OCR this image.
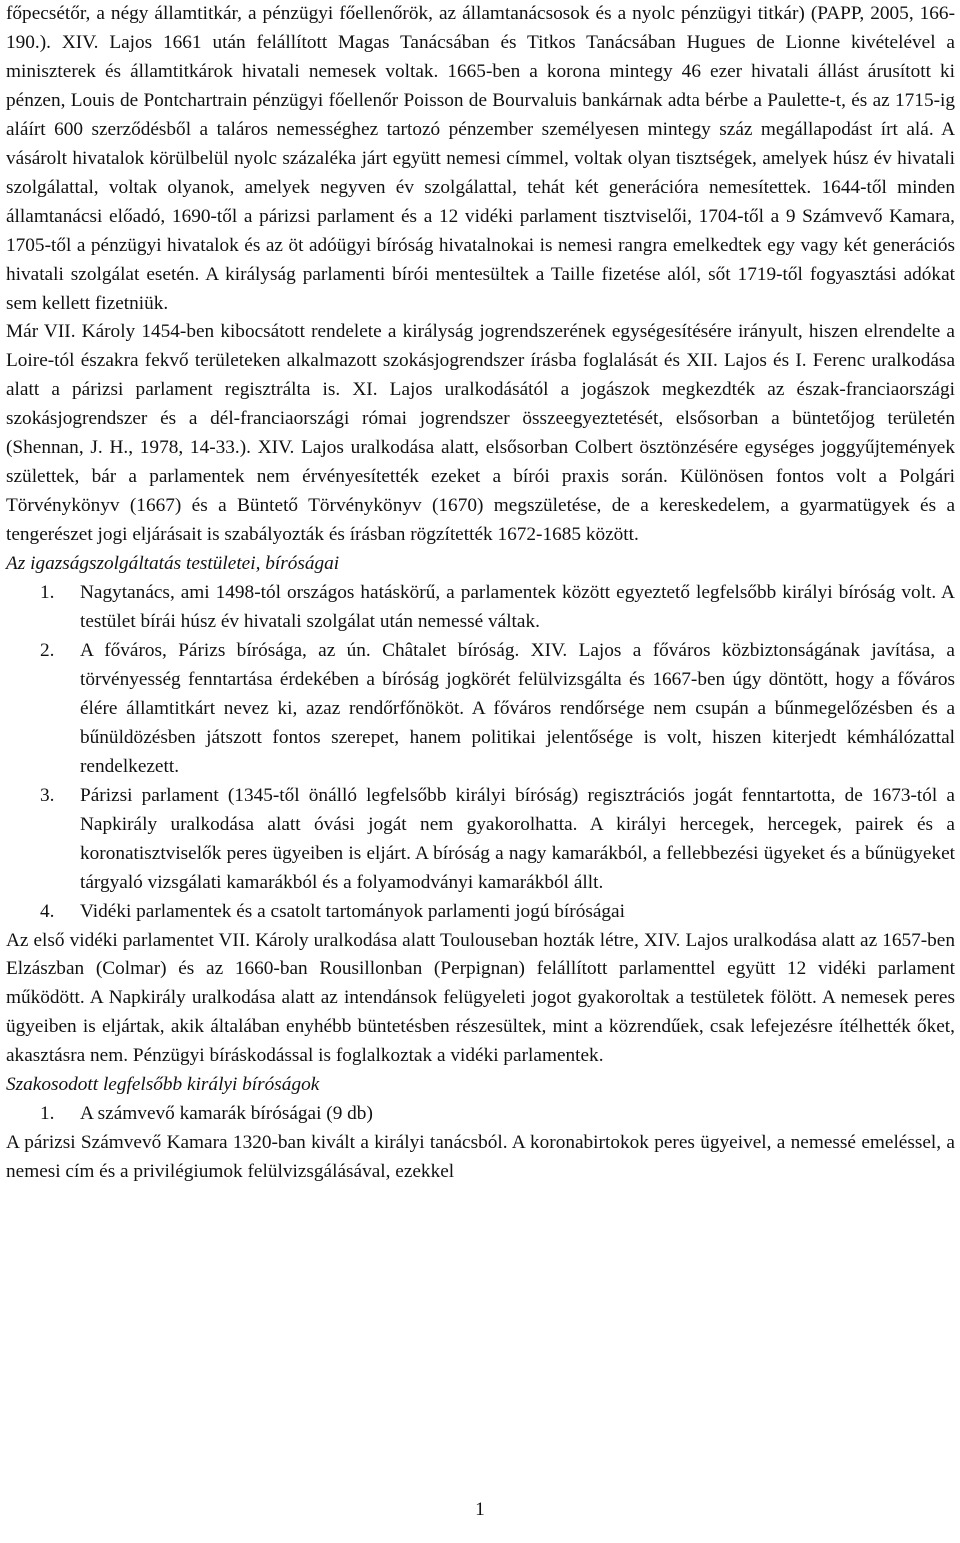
főpecsétőr, a négy államtitkár, a pénzügyi főellenőrök, az államtanácsosok és a nyolc pénzügyi titkár) (PAPP, 2005, 166-190.). XIV. Lajos 1661 után felállított Magas Tanácsában és Titkos Tanácsában Hugues de Lionne kivételével a miniszterek és államtitkárok hivatali nemesek voltak. 1665-ben a korona mintegy 46 ezer hivatali állást árusított ki pénzen, Louis de Pontchartrain pénzügyi főellenőr Poisson de Bourvaluis bankárnak adta bérbe a Paulette-t, és az 1715-ig aláírt 600 szerződésből a taláros nemességhez tartozó pénzember személyesen mintegy száz megállapodást írt alá. A vásárolt hivatalok körülbelül nyolc százaléka járt együtt nemesi címmel, voltak olyan tisztségek, amelyek húsz év hivatali szolgálattal, voltak olyanok, amelyek negyven év szolgálattal, tehát két generációra nemesítettek. 1644-től minden államtanácsi előadó, 1690-től a párizsi parlament és a 12 vidéki parlament tisztviselői, 1704-től a 9 Számvevő Kamara, 1705-től a pénzügyi hivatalok és az öt adóügyi bíróság hivatalnokai is nemesi rangra emelkedtek egy vagy két generációs hivatali szolgálat esetén. A királyság parlamenti bírói mentesültek a Taille fizetése alól, sőt 1719-től fogyasztási adókat sem kellett fizetniük.

Már VII. Károly 1454-ben kibocsátott rendelete a királyság jogrendszerének egységesítésére irányult, hiszen elrendelte a Loire-tól északra fekvő területeken alkalmazott szokásjogrendszer írásba foglalását és XII. Lajos és I. Ferenc uralkodása alatt a párizsi parlament regisztrálta is. XI. Lajos uralkodásától a jogászok megkezdték az észak-franciaországi szokásjogrendszer és a dél-franciaországi római jogrendszer összeegyeztetését, elsősorban a büntetőjog területén (Shennan, J. H., 1978, 14-33.). XIV. Lajos uralkodása alatt, elsősorban Colbert ösztönzésére egységes joggyűjtemények születtek, bár a parlamentek nem érvényesítették ezeket a bírói praxis során. Különösen fontos volt a Polgári Törvénykönyv (1667) és a Büntető Törvénykönyv (1670) megszületése, de a kereskedelem, a gyarmatügyek és a tengerészet jogi eljárásait is szabályozták és írásban rögzítették 1672-1685 között.

Az igazságszolgáltatás testületei, bíróságai

1. Nagytanács, ami 1498-tól országos hatáskörű, a parlamentek között egyeztető legfelsőbb királyi bíróság volt. A testület bírái húsz év hivatali szolgálat után nemessé váltak.
2. A főváros, Párizs bírósága, az ún. Châtalet bíróság. XIV. Lajos a főváros közbiztonságának javítása, a törvényesség fenntartása érdekében a bíróság jogkörét felülvizsgálta és 1667-ben úgy döntött, hogy a főváros élére államtitkárt nevez ki, azaz rendőrfőnököt. A főváros rendőrsége nem csupán a bűnmegelőzésben és a bűnüldözésben játszott fontos szerepet, hanem politikai jelentősége is volt, hiszen kiterjedt kémhálózattal rendelkezett.
3. Párizsi parlament (1345-től önálló legfelsőbb királyi bíróság) regisztrációs jogát fenntartotta, de 1673-tól a Napkirály uralkodása alatt óvási jogát nem gyakorolhatta. A királyi hercegek, hercegek, pairek és a koronatisztviselők peres ügyeiben is eljárt. A bíróság a nagy kamarákból, a fellebbezési ügyeket és a bűnügyeket tárgyaló vizsgálati kamarákból és a folyamodványi kamarákból állt.
4. Vidéki parlamentek és a csatolt tartományok parlamenti jogú bíróságai

Az első vidéki parlamentet VII. Károly uralkodása alatt Toulouseban hozták létre, XIV. Lajos uralkodása alatt az 1657-ben Elzászban (Colmar) és az 1660-ban Rousillonban (Perpignan) felállított parlamenttel együtt 12 vidéki parlament működött. A Napkirály uralkodása alatt az intendánsok felügyeleti jogot gyakoroltak a testületek fölött. A nemesek peres ügyeiben is eljártak, akik általában enyhébb büntetésben részesültek, mint a közrendűek, csak lefejezésre ítélhették őket, akasztásra nem. Pénzügyi bíráskodással is foglalkoztak a vidéki parlamentek.

Szakosodott legfelsőbb királyi bíróságok

1. A számvevő kamarák bíróságai (9 db)

A párizsi Számvevő Kamara 1320-ban kivált a királyi tanácsból. A koronabirtokok peres ügyeivel, a nemessé emeléssel, a nemesi cím és a privilégiumok felülvizsgálásával, ezekkel

1
